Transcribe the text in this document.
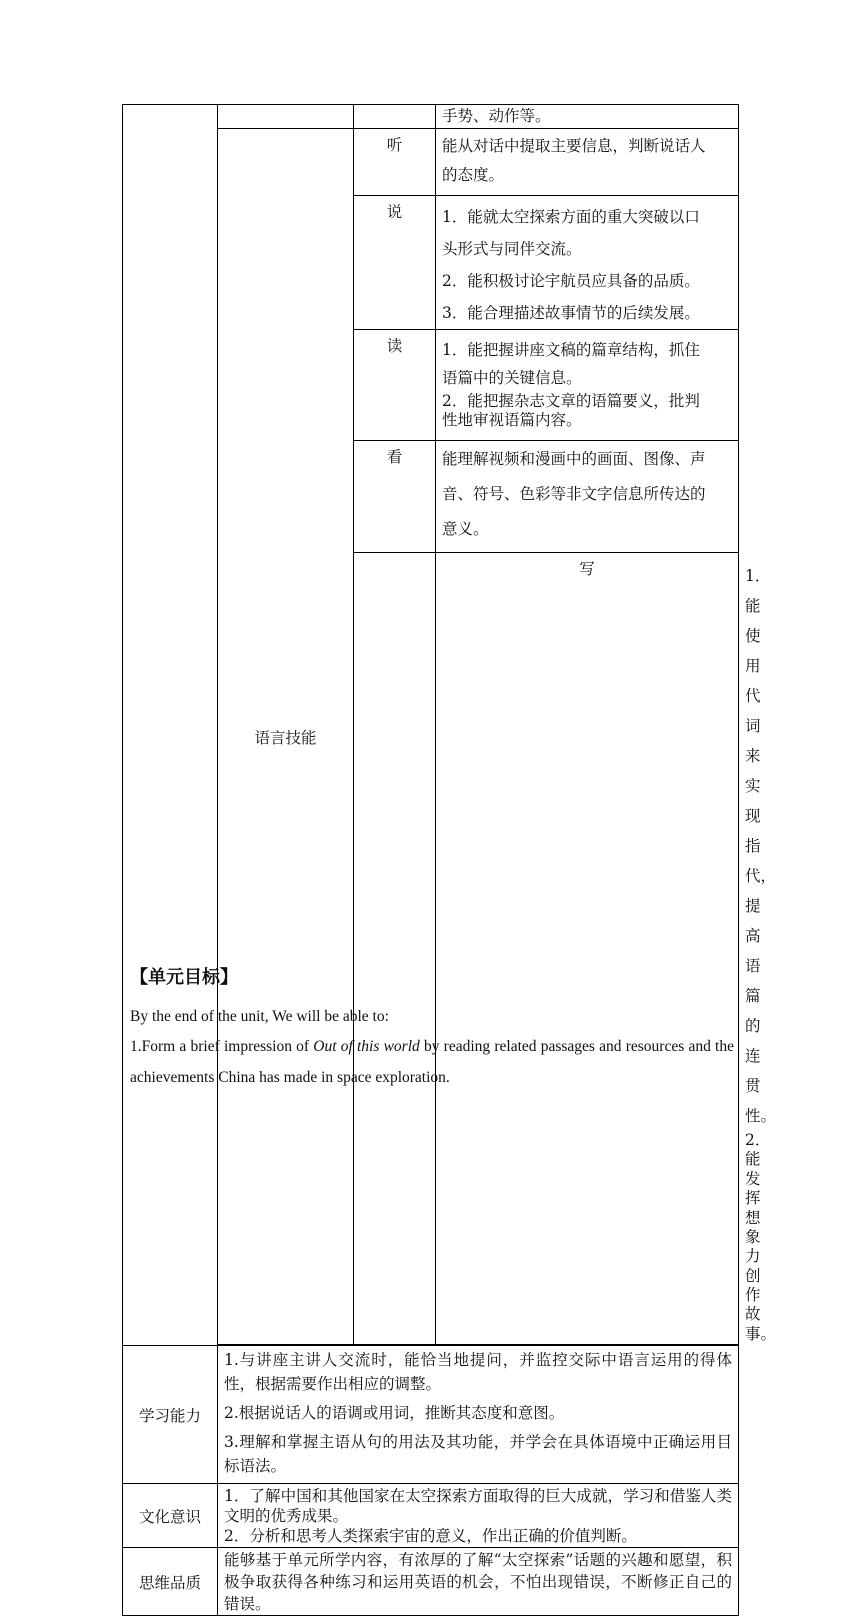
			手势、动作等。	
	语言技能	听	能从对话中提取主要信息，判断说话人
的态度。	

		说	1．能就太空探索方面的重大突破以口
头形式与同伴交流。
2．能积极讨论宇航员应具备的品质。
3．能合理描述故事情节的后续发展。	

		读	1．能把握讲座文稿的篇章结构，抓住
语篇中的关键信息。
2．能把握杂志文章的语篇要义，批判
性地审视语篇内容。	

		看	能理解视频和漫画中的画面、图像、声
音、符号、色彩等非文字信息所传达的
意义。	

			写	1．能使用代词来实现指代，提高语篇
的连贯性。
2．能发挥想象力创作故事。

学习能力	1.与讲座主讲人交流时，能恰当地提问，并监控交际中语言运用的得体性，根据需要作出相应的调整。
2.根据说话人的语调或用词，推断其态度和意图。
3.理解和掌握主语从句的用法及其功能，并学会在具体语境中正确运用目标语法。			

文化意识	1．了解中国和其他国家在太空探索方面取得的巨大成就，学习和借鉴人类文明的优秀成果。
2．分析和思考人类探索宇宙的意义，作出正确的价值判断。			

思维品质	能够基于单元所学内容，有浓厚的了解“太空探索”话题的兴趣和愿望，积极争取获得各种练习和运用英语的机会，不怕出现错误，不断修正自己的错误。			
【单元目标】
By the end of the unit, We will be able to:
1.Form a brief impression of Out of this world by reading related passages and resources and the achievements China has made in space exploration.
